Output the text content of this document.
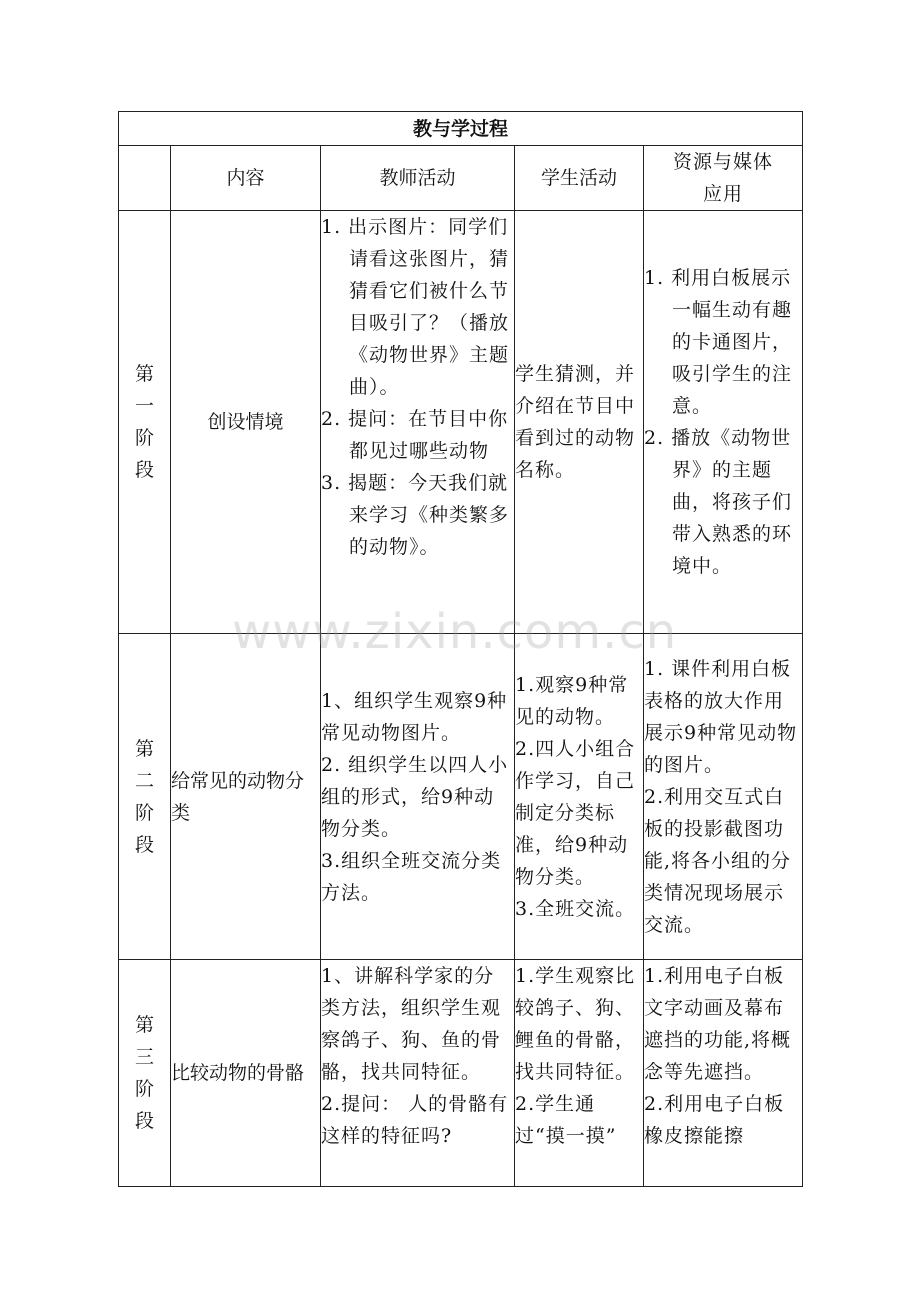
教与学过程				
	内容	教师活动	学生活动	资源与媒体
应用

第
一
阶
段	创设情境	1. 出示图片：同学们请看这张图片，猜猜看它们被什么节目吸引了？（播放《动物世界》主题曲）。
2. 提问：在节目中你都见过哪些动物
3. 揭题：今天我们就来学习《种类繁多的动物》。	学生猜测，并介绍在节目中看到过的动物名称。	1. 利用白板展示一幅生动有趣的卡通图片，吸引学生的注意。
2. 播放《动物世界》的主题曲，将孩子们带入熟悉的环境中。

第
二
阶
段	给常见的动物分类	1、组织学生观察9种常见动物图片。
2. 组织学生以四人小组的形式，给9种动物分类。
3.组织全班交流分类方法。	1.观察9种常见的动物。
2.四人小组合作学习，自己制定分类标准，给9种动物分类。
3.全班交流。	1. 课件利用白板表格的放大作用展示9种常见动物的图片。
2.利用交互式白板的投影截图功能,将各小组的分类情况现场展示交流。

第
三
阶
段	比较动物的骨骼	1、讲解科学家的分类方法，组织学生观察鸽子、狗、鱼的骨骼，找共同特征。
2.提问： 人的骨骼有这样的特征吗?	1.学生观察比较鸽子、狗、鲤鱼的骨骼，找共同特征。
2.学生通过“摸一摸”	1.利用电子白板文字动画及幕布遮挡的功能,将概念等先遮挡。
2.利用电子白板橡皮擦能擦
www.zixin.com.cn
